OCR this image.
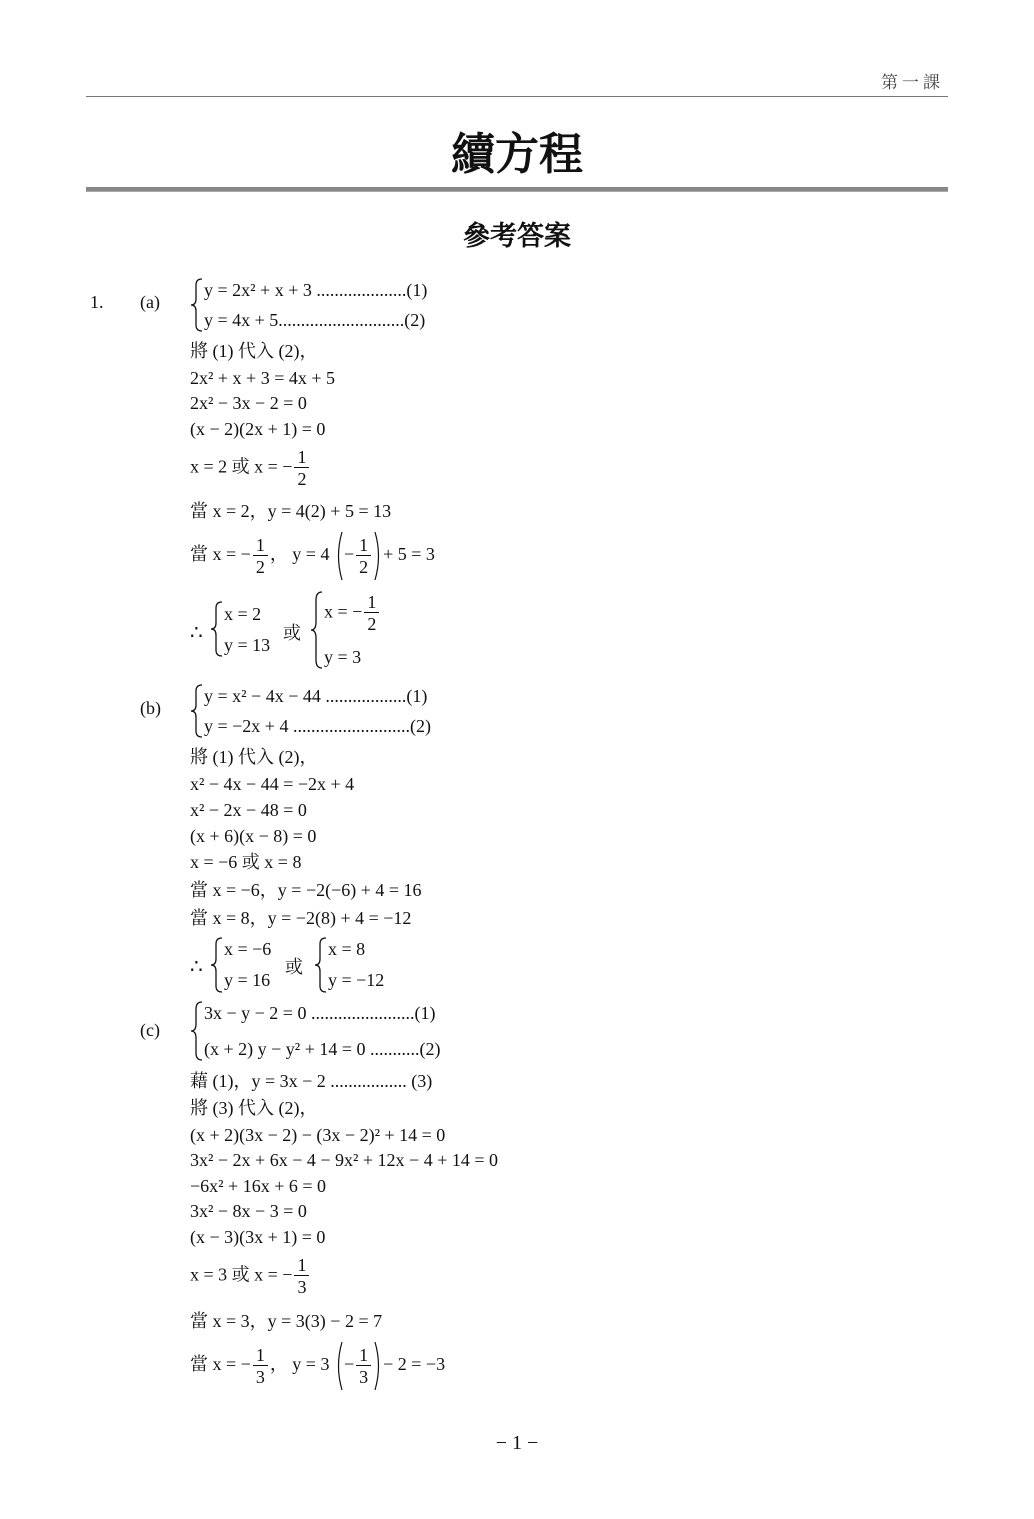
第一課
續方程
參考答案
1. (a)
y = 2x² + x + 3 ....................(1)
y = 4x + 5............................(2)
將 (1) 代入 (2)，
2x² + x + 3 = 4x + 5
2x² − 3x − 2 = 0
(x − 2)(2x + 1) = 0
x = 2 或 x = − $\frac{1}{2}$
當 x = 2，y = 4(2) + 5 = 13
當 x = − $\frac{1}{2}$ ， $y = 4 - \frac{1}{2} + 5 = 3$
∴
x = 2
y = 13
或
x = − $\frac{1}{2}$
y = 3
(b)
y = x² − 4x − 44 ..................(1)
y = −2x + 4 ..........................(2)
將 (1) 代入 (2)，
x² − 4x − 44 = −2x + 4
x² − 2x − 48 = 0
(x + 6)(x − 8) = 0
x = −6 或 x = 8
當 x = −6，y = −2(−6) + 4 = 16
當 x = 8，y = −2(8) + 4 = −12
∴
x = −6
y = 16
或
x = 8
y = −12
(c)
3x − y − 2 = 0 .......................(1)
(x + 2) y − y² + 14 = 0 ...........(2)
藉 (1)，y = 3x − 2 ................. (3)
將 (3) 代入 (2)，
(x + 2)(3x − 2) − (3x − 2)² + 14 = 0
3x² − 2x + 6x − 4 − 9x² + 12x − 4 + 14 = 0
−6x² + 16x + 6 = 0
3x² − 8x − 3 = 0
(x − 3)(3x + 1) = 0
x = 3 或 x = − $\frac{1}{3}$
當 x = 3，y = 3(3) − 2 = 7
當 x = − $\frac{1}{3}$ ， $y = 3 - \frac{1}{3} - 2 = -3$
− 1 −
